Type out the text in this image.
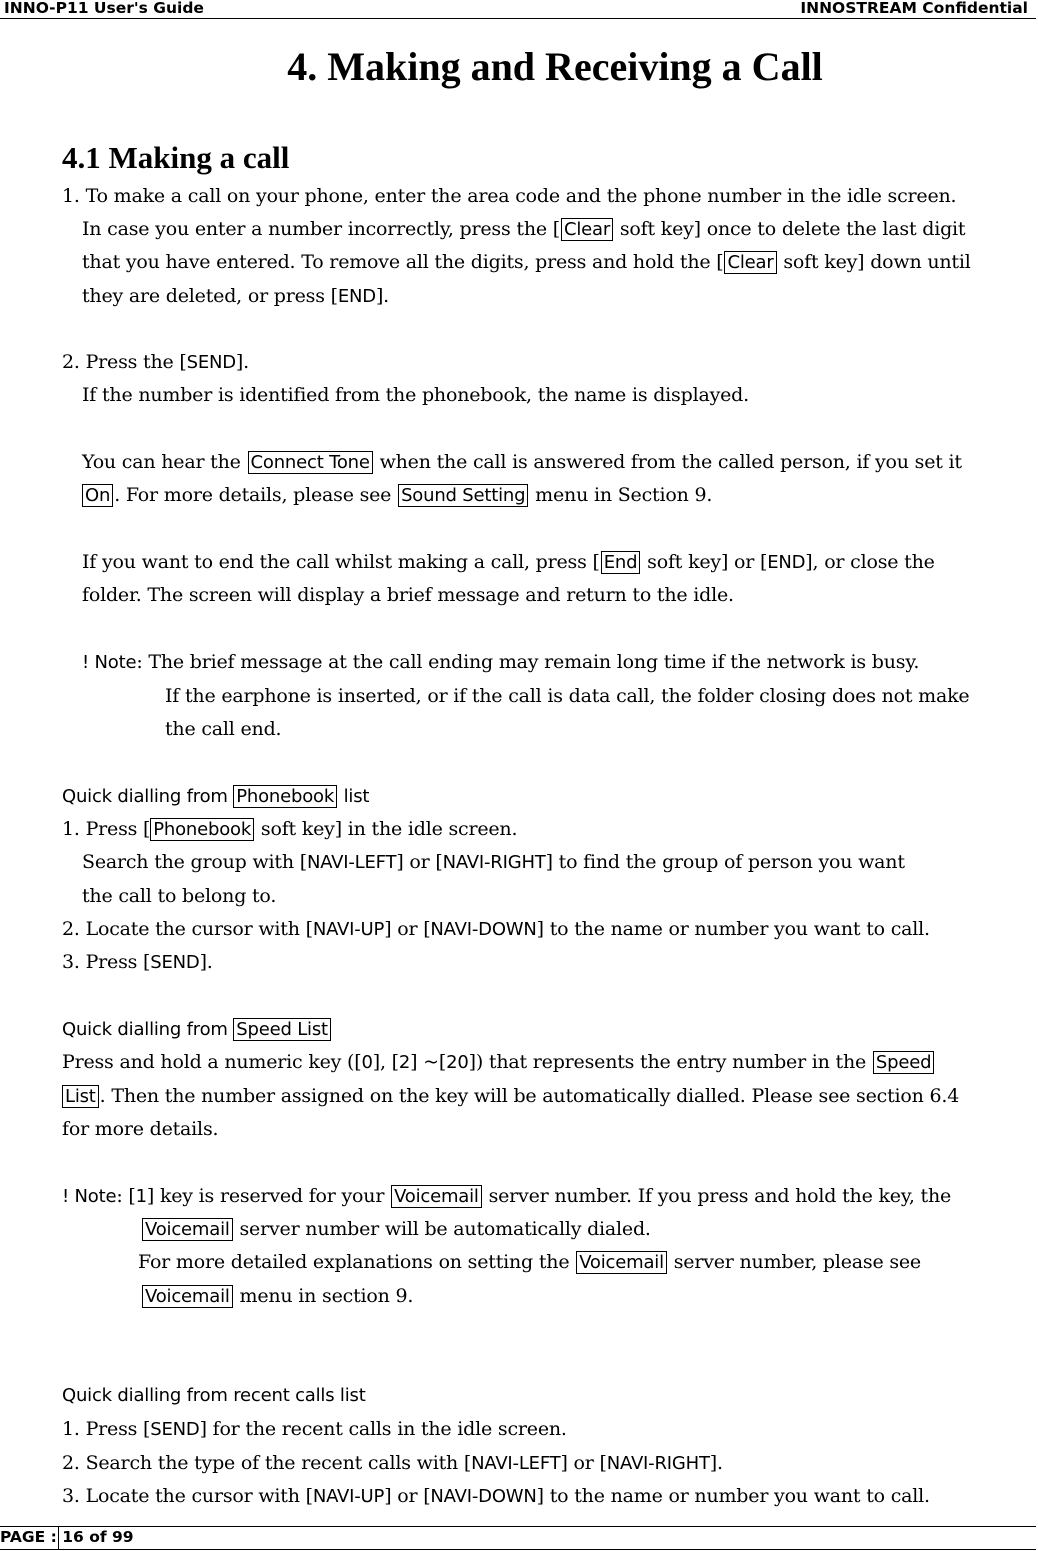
INNO-P11 User's Guide	INNOSTREAM Confidential
4. Making and Receiving a Call
4.1 Making a call
1. To make a call on your phone, enter the area code and the phone number in the idle screen.
In case you enter a number incorrectly, press the [ Clear soft key] once to delete the last digit
that you have entered. To remove all the digits, press and hold the [ Clear soft key] down until
they are deleted, or press [END].
2. Press the [SEND].
If the number is identified from the phonebook, the name is displayed.
You can hear the Connect Tone when the call is answered from the called person, if you set it
On . For more details, please see Sound Setting menu in Section 9.
If you want to end the call whilst making a call, press [ End soft key] or [END], or close the
folder. The screen will display a brief message and return to the idle.
! Note: The brief message at the call ending may remain long time if the network is busy.
If the earphone is inserted, or if the call is data call, the folder closing does not make
the call end.
Quick dialling from Phonebook list
1. Press [ Phonebook soft key] in the idle screen.
Search the group with [NAVI-LEFT] or [NAVI-RIGHT] to find the group of person you want
the call to belong to.
2. Locate the cursor with [NAVI-UP] or [NAVI-DOWN] to the name or number you want to call.
3. Press [SEND].
Quick dialling from Speed List
Press and hold a numeric key ([0], [2] ~[20]) that represents the entry number in the Speed
List . Then the number assigned on the key will be automatically dialled. Please see section 6.4
for more details.
! Note: [1] key is reserved for your Voicemail server number. If you press and hold the key, the
Voicemail server number will be automatically dialed.
For more detailed explanations on setting the Voicemail server number, please see
Voicemail menu in section 9.
Quick dialling from recent calls list
1. Press [SEND] for the recent calls in the idle screen.
2. Search the type of the recent calls with [NAVI-LEFT] or [NAVI-RIGHT].
3. Locate the cursor with [NAVI-UP] or [NAVI-DOWN] to the name or number you want to call.
PAGE : 16 of 99
